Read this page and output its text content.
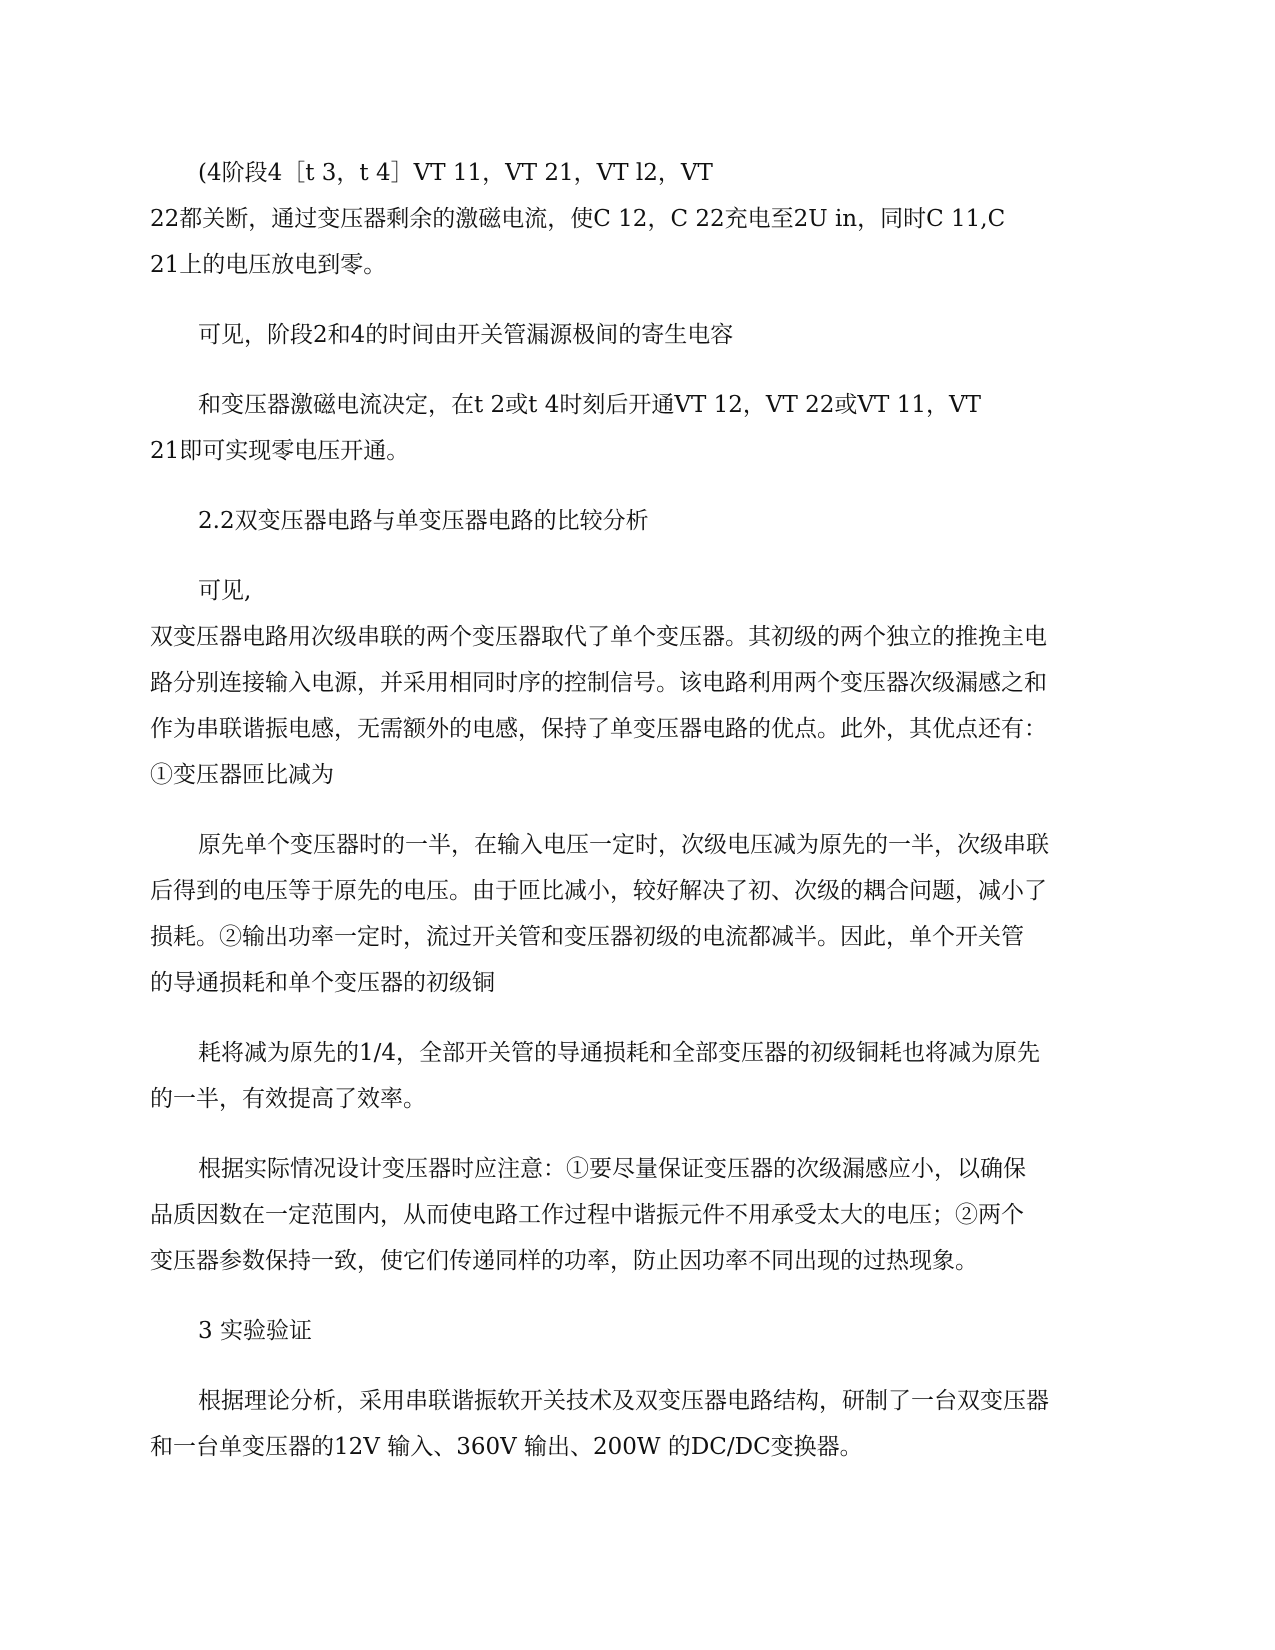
(4阶段4［t 3，t 4］VT 11，VT 21，VT l2，VT
22都关断，通过变压器剩余的激磁电流，使C 12，C 22充电至2U in，同时C 11,C
21上的电压放电到零。
可见，阶段2和4的时间由开关管漏源极间的寄生电容
和变压器激磁电流决定，在t 2或t 4时刻后开通VT 12，VT 22或VT 11，VT
21即可实现零电压开通。
2.2双变压器电路与单变压器电路的比较分析
可见,
双变压器电路用次级串联的两个变压器取代了单个变压器。其初级的两个独立的推挽主电
路分别连接输入电源，并采用相同时序的控制信号。该电路利用两个变压器次级漏感之和
作为串联谐振电感，无需额外的电感，保持了单变压器电路的优点。此外，其优点还有：
①变压器匝比减为
原先单个变压器时的一半，在输入电压一定时，次级电压减为原先的一半，次级串联
后得到的电压等于原先的电压。由于匝比减小，较好解决了初、次级的耦合问题，减小了
损耗。②输出功率一定时，流过开关管和变压器初级的电流都减半。因此，单个开关管
的导通损耗和单个变压器的初级铜
耗将减为原先的1/4，全部开关管的导通损耗和全部变压器的初级铜耗也将减为原先
的一半，有效提高了效率。
根据实际情况设计变压器时应注意：①要尽量保证变压器的次级漏感应小，以确保
品质因数在一定范围内，从而使电路工作过程中谐振元件不用承受太大的电压；②两个
变压器参数保持一致，使它们传递同样的功率，防止因功率不同出现的过热现象。
3 实验验证
根据理论分析，采用串联谐振软开关技术及双变压器电路结构，研制了一台双变压器
和一台单变压器的12V 输入、360V 输出、200W 的DC/DC变换器。
